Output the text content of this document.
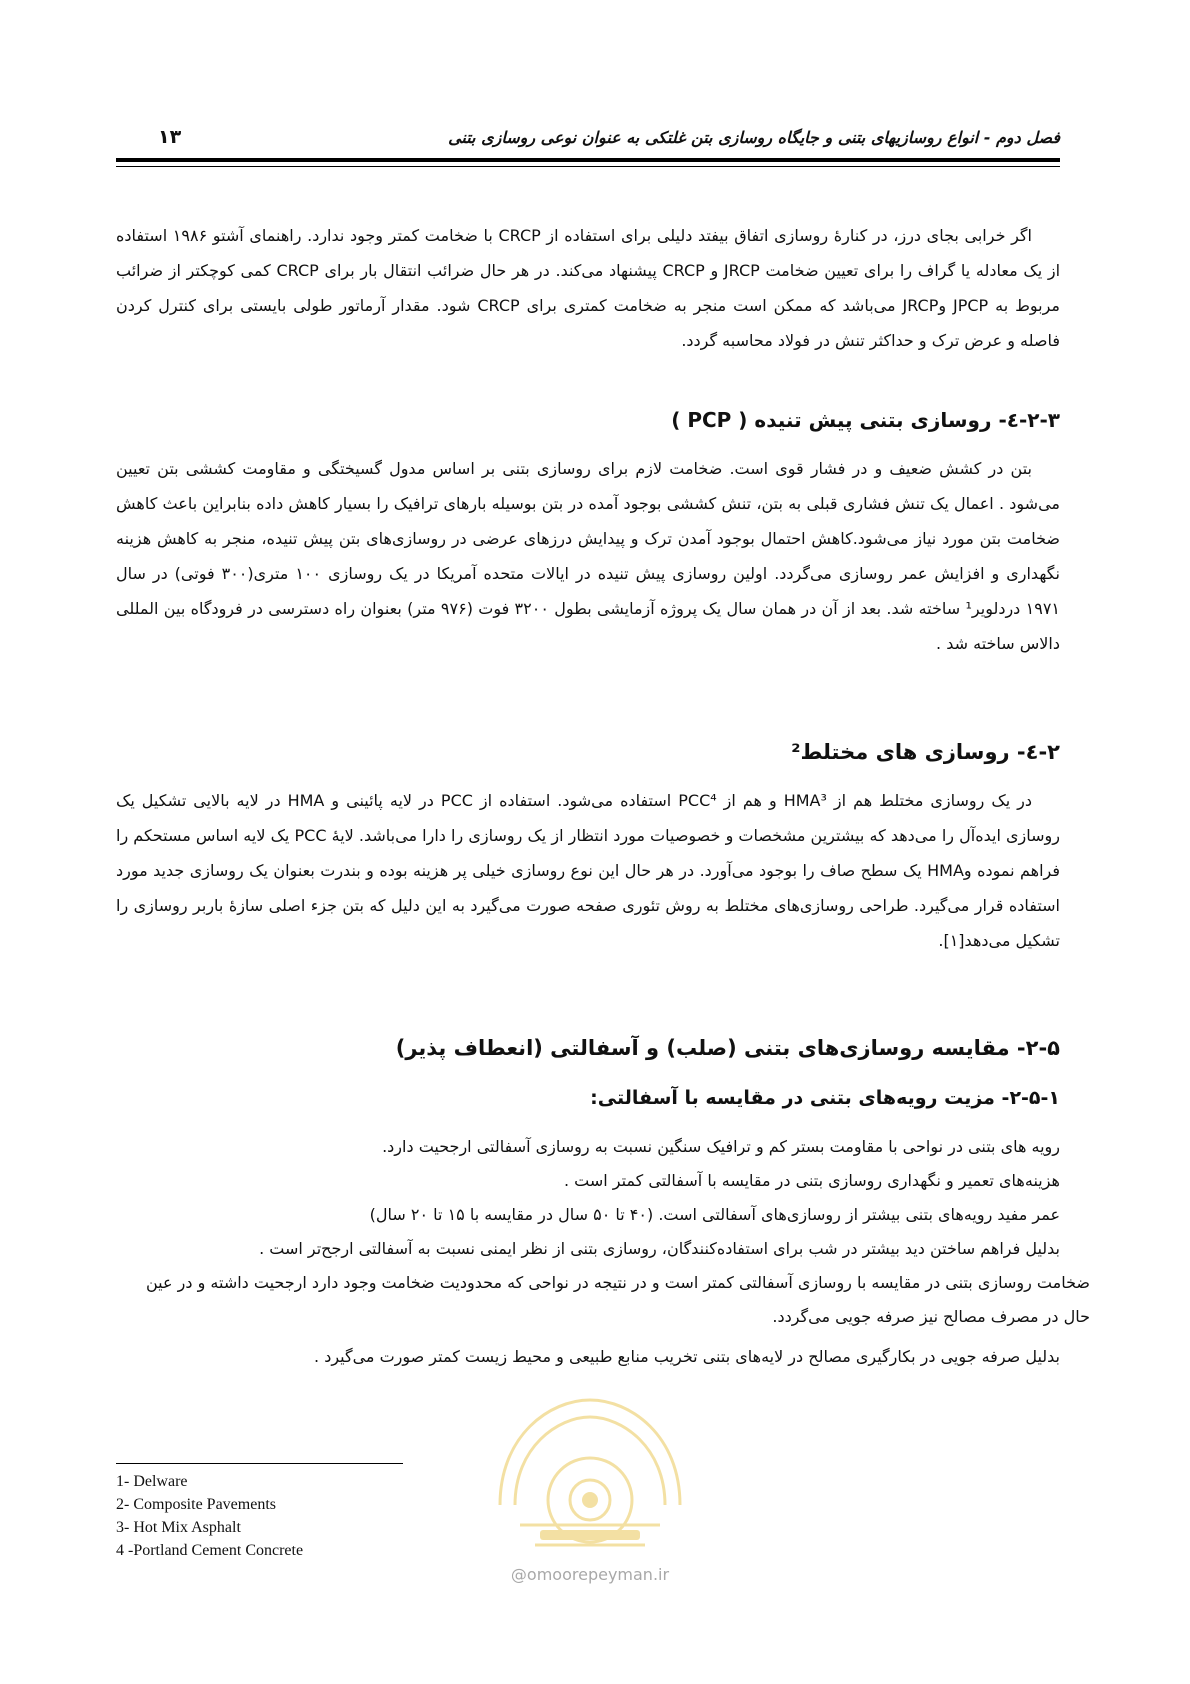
فصل دوم - انواع روسازیهای بتنی و جایگاه روسازی بتن غلتکی به عنوان نوعی روسازی بتنی
۱۳

اگر خرابی بجای درز، در کنارهٔ روسازی اتفاق بیفتد دلیلی برای استفاده از CRCP با ضخامت کمتر وجود ندارد. راهنمای آشتو ۱۹۸۶ استفاده از یک معادله یا گراف را برای تعیین ضخامت JRCP و CRCP پیشنهاد می‌کند. در هر حال ضرائب انتقال بار برای CRCP کمی کوچکتر از ضرائب مربوط به JPCP وJRCP می‌باشد که ممکن است منجر به ضخامت کمتری برای CRCP شود. مقدار آرماتور طولی بایستی برای کنترل کردن فاصله و عرض ترک و حداکثر تنش در فولاد محاسبه گردد.

۲-۳-٤- روسازی بتنی پیش تنیده ( PCP )

بتن در کشش ضعیف و در فشار قوی است. ضخامت لازم برای روسازی بتنی بر اساس مدول گسیختگی و مقاومت کششی بتن تعیین می‌شود . اعمال یک تنش فشاری قبلی به بتن، تنش کششی بوجود آمده در بتن بوسیله بارهای ترافیک را بسیار کاهش داده بنابراین باعث کاهش ضخامت بتن مورد نیاز می‌شود.کاهش احتمال بوجود آمدن ترک و پیدایش درزهای عرضی در روسازی‌های بتن پیش تنیده، منجر به کاهش هزینه نگهداری و افزایش عمر روسازی می‌گردد. اولین روسازی پیش تنیده در ایالات متحده آمریکا در یک روسازی ۱۰۰ متری(۳۰۰ فوتی) در سال ۱۹۷۱ دردلویر¹ ساخته شد. بعد از آن در همان سال یک پروژه آزمایشی بطول ۳۲۰۰ فوت (۹۷۶ متر) بعنوان راه دسترسی در فرودگاه بین المللی دالاس ساخته شد .

۲-٤- روسازی های مختلط²

در یک روسازی مختلط هم از HMA³ و هم از PCC⁴ استفاده می‌شود. استفاده از PCC در لایه پائینی و HMA در لایه بالایی تشکیل یک روسازی ایده‌آل را می‌دهد که بیشترین مشخصات و خصوصیات مورد انتظار از یک روسازی را دارا می‌باشد. لایهٔ PCC یک لایه اساس مستحکم را فراهم نموده وHMA یک سطح صاف را بوجود می‌آورد. در هر حال این نوع روسازی خیلی پر هزینه بوده و بندرت بعنوان یک روسازی جدید مورد استفاده قرار می‌گیرد. طراحی روسازی‌های مختلط به روش تئوری صفحه صورت می‌گیرد به این دلیل که بتن جزء اصلی سازهٔ باربر روسازی را تشکیل می‌دهد[۱].

۲-۵- مقایسه روسازی‌های بتنی (صلب) و آسفالتی (انعطاف پذیر)
۲-۵-۱- مزیت رویه‌های بتنی در مقایسه با آسفالتی:
رویه های بتنی در نواحی با مقاومت بستر کم و ترافیک سنگین نسبت به روسازی آسفالتی ارجحیت دارد.
هزینه‌های تعمیر و نگهداری روسازی بتنی در مقایسه با آسفالتی کمتر است .
عمر مفید رویه‌های بتنی بیشتر از روسازی‌های آسفالتی است. (۴۰ تا ۵۰ سال در مقایسه با ۱۵ تا ۲۰ سال)
بدلیل فراهم ساختن دید بیشتر در شب برای استفاده‌کنندگان، روسازی بتنی از نظر ایمنی نسبت به آسفالتی ارجح‌تر است .
ضخامت روسازی بتنی در مقایسه با روسازی آسفالتی کمتر است و در نتیجه در نواحی که محدودیت ضخامت وجود دارد ارجحیت داشته و در عین حال در مصرف مصالح نیز صرفه جویی می‌گردد.
بدلیل صرفه جویی در بکارگیری مصالح در لایه‌های بتنی تخریب منابع طبیعی و محیط زیست کمتر صورت می‌گیرد .
1- Delware
2- Composite Pavements
3- Hot Mix Asphalt
4 -Portland Cement Concrete
@omoorepeyman.ir
